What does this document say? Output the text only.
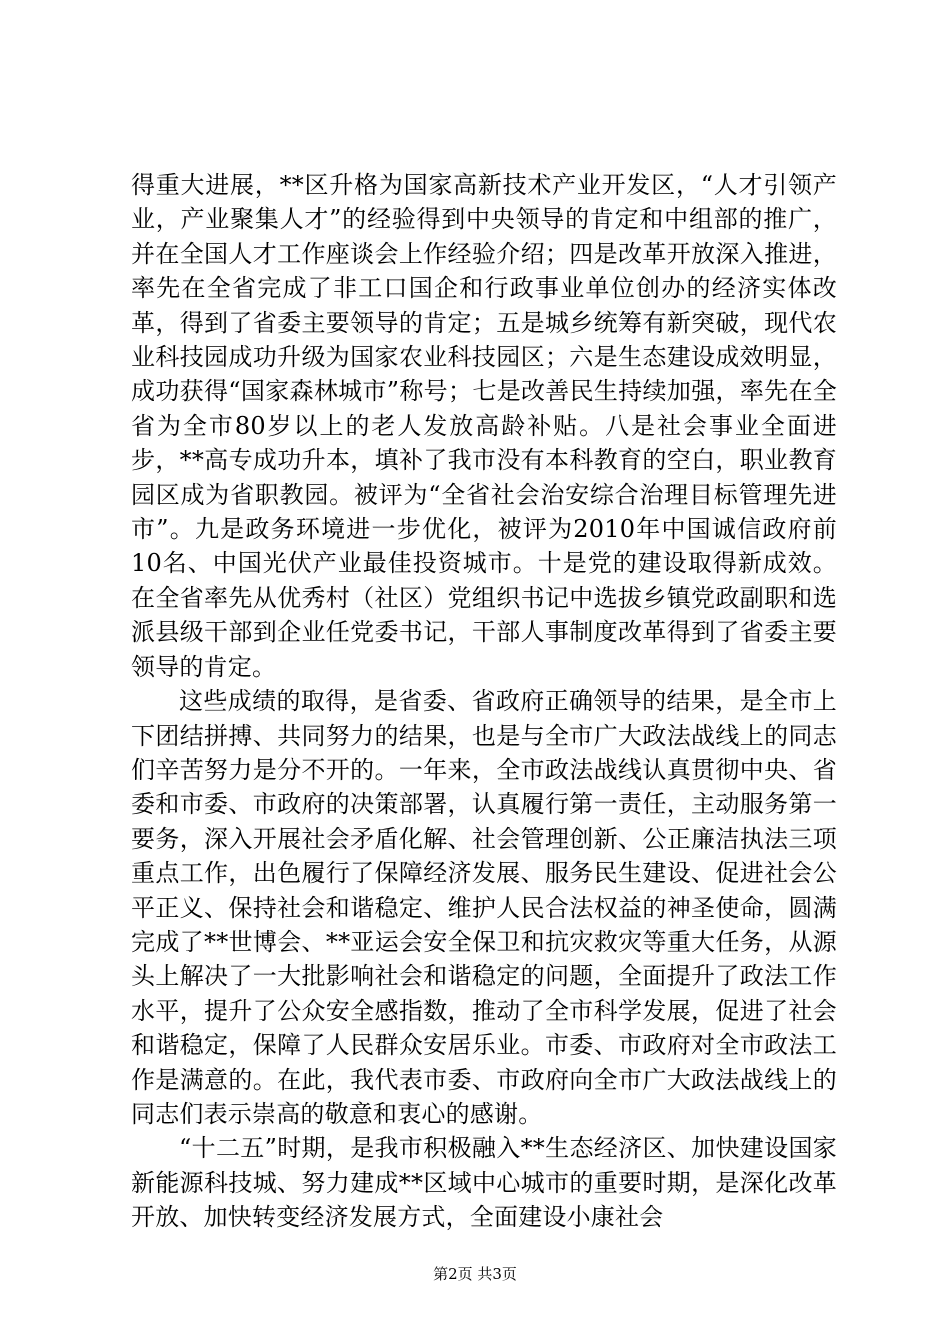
得重大进展，**区升格为国家高新技术产业开发区，“人才引领产业，产业聚集人才”的经验得到中央领导的肯定和中组部的推广，并在全国人才工作座谈会上作经验介绍；四是改革开放深入推进，率先在全省完成了非工口国企和行政事业单位创办的经济实体改革，得到了省委主要领导的肯定；五是城乡统筹有新突破，现代农业科技园成功升级为国家农业科技园区；六是生态建设成效明显，成功获得“国家森林城市”称号；七是改善民生持续加强，率先在全省为全市80岁以上的老人发放高龄补贴。八是社会事业全面进步，**高专成功升本，填补了我市没有本科教育的空白，职业教育园区成为省职教园。被评为“全省社会治安综合治理目标管理先进市”。九是政务环境进一步优化，被评为2010年中国诚信政府前10名、中国光伏产业最佳投资城市。十是党的建设取得新成效。在全省率先从优秀村（社区）党组织书记中选拔乡镇党政副职和选派县级干部到企业任党委书记，干部人事制度改革得到了省委主要领导的肯定。

这些成绩的取得，是省委、省政府正确领导的结果，是全市上下团结拼搏、共同努力的结果，也是与全市广大政法战线上的同志们辛苦努力是分不开的。一年来，全市政法战线认真贯彻中央、省委和市委、市政府的决策部署，认真履行第一责任，主动服务第一要务，深入开展社会矛盾化解、社会管理创新、公正廉洁执法三项重点工作，出色履行了保障经济发展、服务民生建设、促进社会公平正义、保持社会和谐稳定、维护人民合法权益的神圣使命，圆满完成了**世博会、**亚运会安全保卫和抗灾救灾等重大任务，从源头上解决了一大批影响社会和谐稳定的问题，全面提升了政法工作水平，提升了公众安全感指数，推动了全市科学发展，促进了社会和谐稳定，保障了人民群众安居乐业。市委、市政府对全市政法工作是满意的。在此，我代表市委、市政府向全市广大政法战线上的同志们表示崇高的敬意和衷心的感谢。

“十二五”时期，是我市积极融入**生态经济区、加快建设国家新能源科技城、努力建成**区域中心城市的重要时期，是深化改革开放、加快转变经济发展方式，全面建设小康社会

第2页 共3页
